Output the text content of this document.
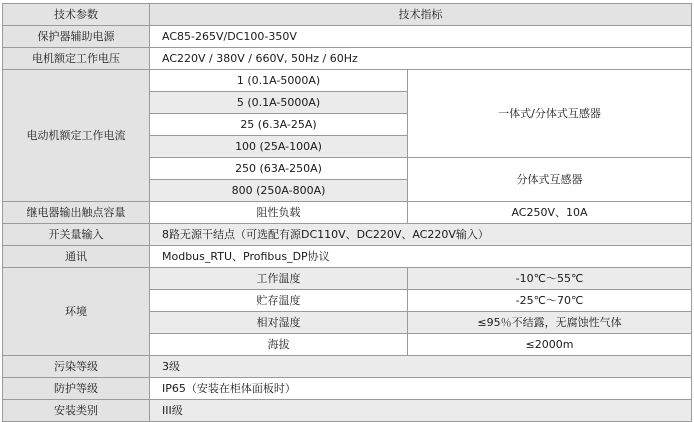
技术参数	技术指标	
保护器辅助电源	AC85-265V/DC100-350V	
电机额定工作电压	AC220V / 380V / 660V, 50Hz / 60Hz	
电动机额定工作电流	1 (0.1A-5000A)	一体式/分体式互感器
	5 (0.1A-5000A)	
	25 (6.3A-25A)	
	100 (25A-100A)	
	250 (63A-250A)	分体式互感器
	800 (250A-800A)	
继电器输出触点容量	阻性负载	AC250V、10A
开关量输入	8路无源干结点（可选配有源DC110V、DC220V、AC220V输入）	
通讯	Modbus_RTU、Profibus_DP协议	
环境	工作温度	-10℃～55℃
	贮存温度	-25℃～70℃
	相对湿度	≤95％不结露，无腐蚀性气体
	海拔	≤2000m
污染等级	3级	
防护等级	IP65（安装在柜体面板时）	
安装类别	III级	
